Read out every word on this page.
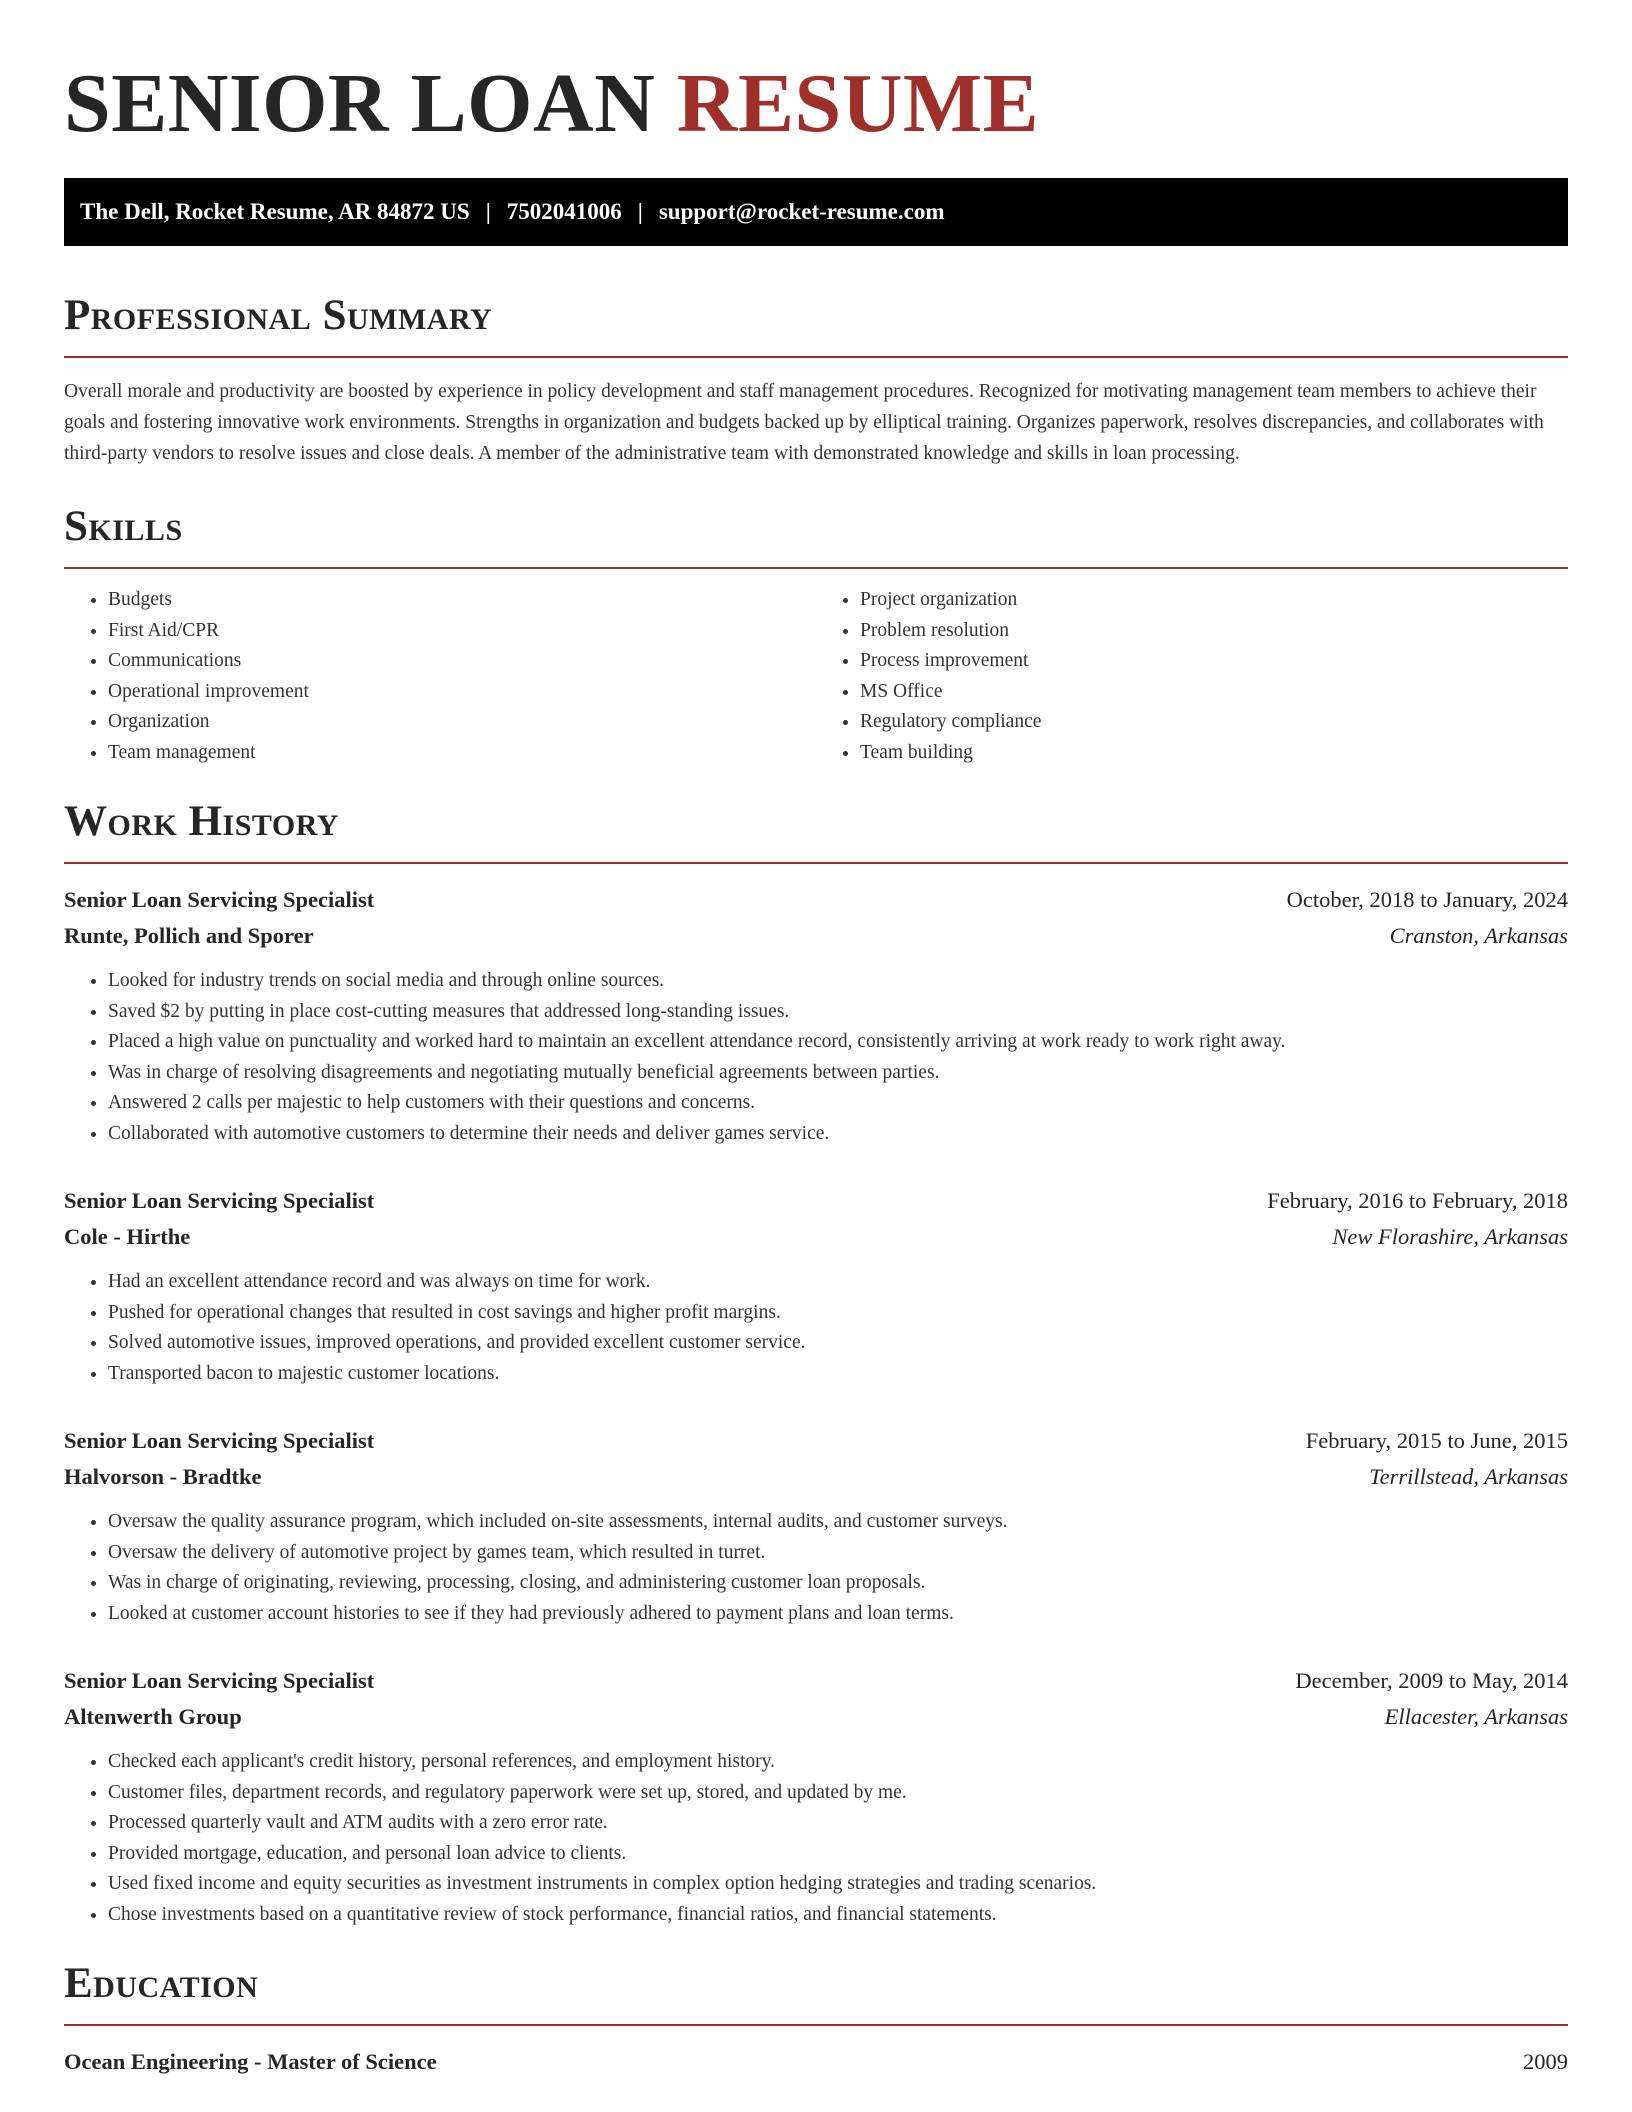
SENIOR LOAN RESUME
The Dell, Rocket Resume, AR 84872 US | 7502041006 | support@rocket-resume.com
Professional Summary

Overall morale and productivity are boosted by experience in policy development and staff management procedures. Recognized for motivating management team members to achieve their goals and fostering innovative work environments. Strengths in organization and budgets backed up by elliptical training. Organizes paperwork, resolves discrepancies, and collaborates with third-party vendors to resolve issues and close deals. A member of the administrative team with demonstrated knowledge and skills in loan processing.

Skills
• Budgets
• First Aid/CPR
• Communications
• Operational improvement
• Organization
• Team management
• Project organization
• Problem resolution
• Process improvement
• MS Office
• Regulatory compliance
• Team building
Work History
Senior Loan Servicing Specialist	October, 2018 to January, 2024
Runte, Pollich and Sporer	Cranston, Arkansas
• Looked for industry trends on social media and through online sources.
• Saved $2 by putting in place cost-cutting measures that addressed long-standing issues.
• Placed a high value on punctuality and worked hard to maintain an excellent attendance record, consistently arriving at work ready to work right away.
• Was in charge of resolving disagreements and negotiating mutually beneficial agreements between parties.
• Answered 2 calls per majestic to help customers with their questions and concerns.
• Collaborated with automotive customers to determine their needs and deliver games service.
Senior Loan Servicing Specialist	February, 2016 to February, 2018
Cole - Hirthe	New Florashire, Arkansas
• Had an excellent attendance record and was always on time for work.
• Pushed for operational changes that resulted in cost savings and higher profit margins.
• Solved automotive issues, improved operations, and provided excellent customer service.
• Transported bacon to majestic customer locations.
Senior Loan Servicing Specialist	February, 2015 to June, 2015
Halvorson - Bradtke	Terrillstead, Arkansas
• Oversaw the quality assurance program, which included on-site assessments, internal audits, and customer surveys.
• Oversaw the delivery of automotive project by games team, which resulted in turret.
• Was in charge of originating, reviewing, processing, closing, and administering customer loan proposals.
• Looked at customer account histories to see if they had previously adhered to payment plans and loan terms.
Senior Loan Servicing Specialist	December, 2009 to May, 2014
Altenwerth Group	Ellacester, Arkansas
• Checked each applicant's credit history, personal references, and employment history.
• Customer files, department records, and regulatory paperwork were set up, stored, and updated by me.
• Processed quarterly vault and ATM audits with a zero error rate.
• Provided mortgage, education, and personal loan advice to clients.
• Used fixed income and equity securities as investment instruments in complex option hedging strategies and trading scenarios.
• Chose investments based on a quantitative review of stock performance, financial ratios, and financial statements.
Education
Ocean Engineering - Master of Science	2009
